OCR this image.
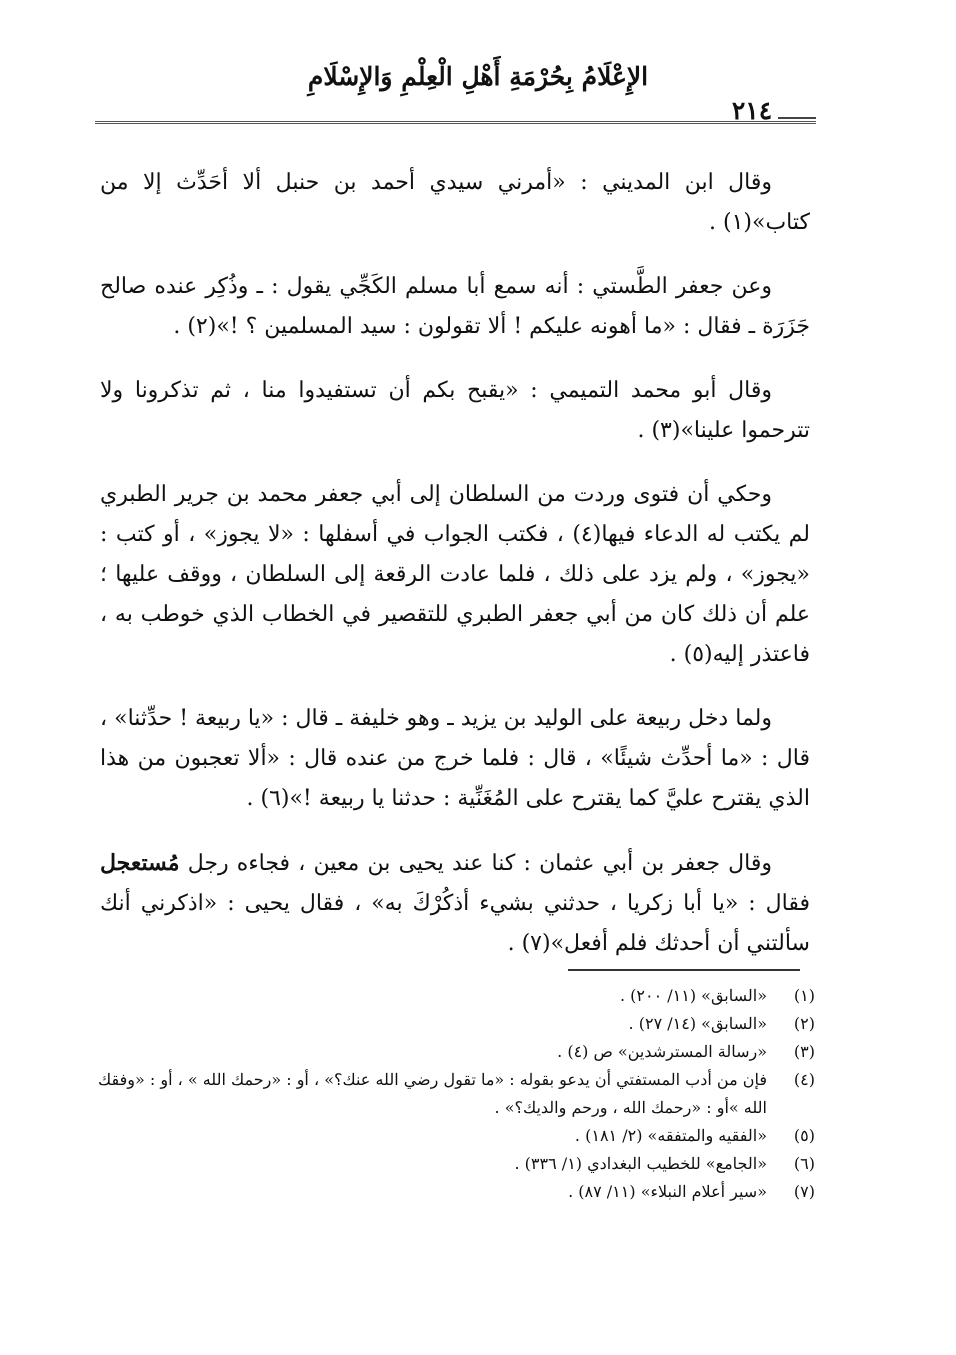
الإِعْلَامُ بِحُرْمَةِ أَهْلِ الْعِلْمِ وَالإِسْلَامِ
٢١٤

وقال ابن المديني : «أمرني سيدي أحمد بن حنبل ألا أحَدِّث إلا من كتاب»(١) .

وعن جعفر الطَّستي : أنه سمع أبا مسلم الكَجِّي يقول : ـ وذُكِر عنده صالح جَزَرَة ـ فقال : «ما أهونه عليكم ! ألا تقولون : سيد المسلمين ؟ !»(٢) .

وقال أبو محمد التميمي : «يقبح بكم أن تستفيدوا منا ، ثم تذكرونا ولا تترحموا علينا»(٣) .

وحكي أن فتوى وردت من السلطان إلى أبي جعفر محمد بن جرير الطبري لم يكتب له الدعاء فيها(٤) ، فكتب الجواب في أسفلها : «لا يجوز» ، أو كتب : «يجوز» ، ولم يزد على ذلك ، فلما عادت الرقعة إلى السلطان ، ووقف عليها ؛ علم أن ذلك كان من أبي جعفر الطبري للتقصير في الخطاب الذي خوطب به ، فاعتذر إليه(٥) .

ولما دخل ربيعة على الوليد بن يزيد ـ وهو خليفة ـ قال : «يا ربيعة ! حدِّثنا» ، قال : «ما أحدِّث شيئًا» ، قال : فلما خرج من عنده قال : «ألا تعجبون من هذا الذي يقترح عليَّ كما يقترح على المُغَنِّية : حدثنا يا ربيعة !»(٦) .

وقال جعفر بن أبي عثمان : كنا عند يحيى بن معين ، فجاءه رجل مُستعجل فقال : «يا أبا زكريا ، حدثني بشيء أذكُرْكَ به» ، فقال يحيى : «اذكرني أنك سألتني أن أحدثك فلم أفعل»(٧) .

(١)
«السابق» (١١/ ٢٠٠) .
(٢)
«السابق» (١٤/ ٢٧) .
(٣)
«رسالة المسترشدين» ص (٤) .
(٤)
فإن من أدب المستفتي أن يدعو بقوله : «ما تقول رضي الله عنك؟» ، أو : «رحمك الله » ، أو : «وفقك الله »أو : «رحمك الله ، ورحم والديك؟» .
(٥)
«الفقيه والمتفقه» (٢/ ١٨١) .
(٦)
«الجامع» للخطيب البغدادي (١/ ٣٣٦) .
(٧)
«سير أعلام النبلاء» (١١/ ٨٧) .
